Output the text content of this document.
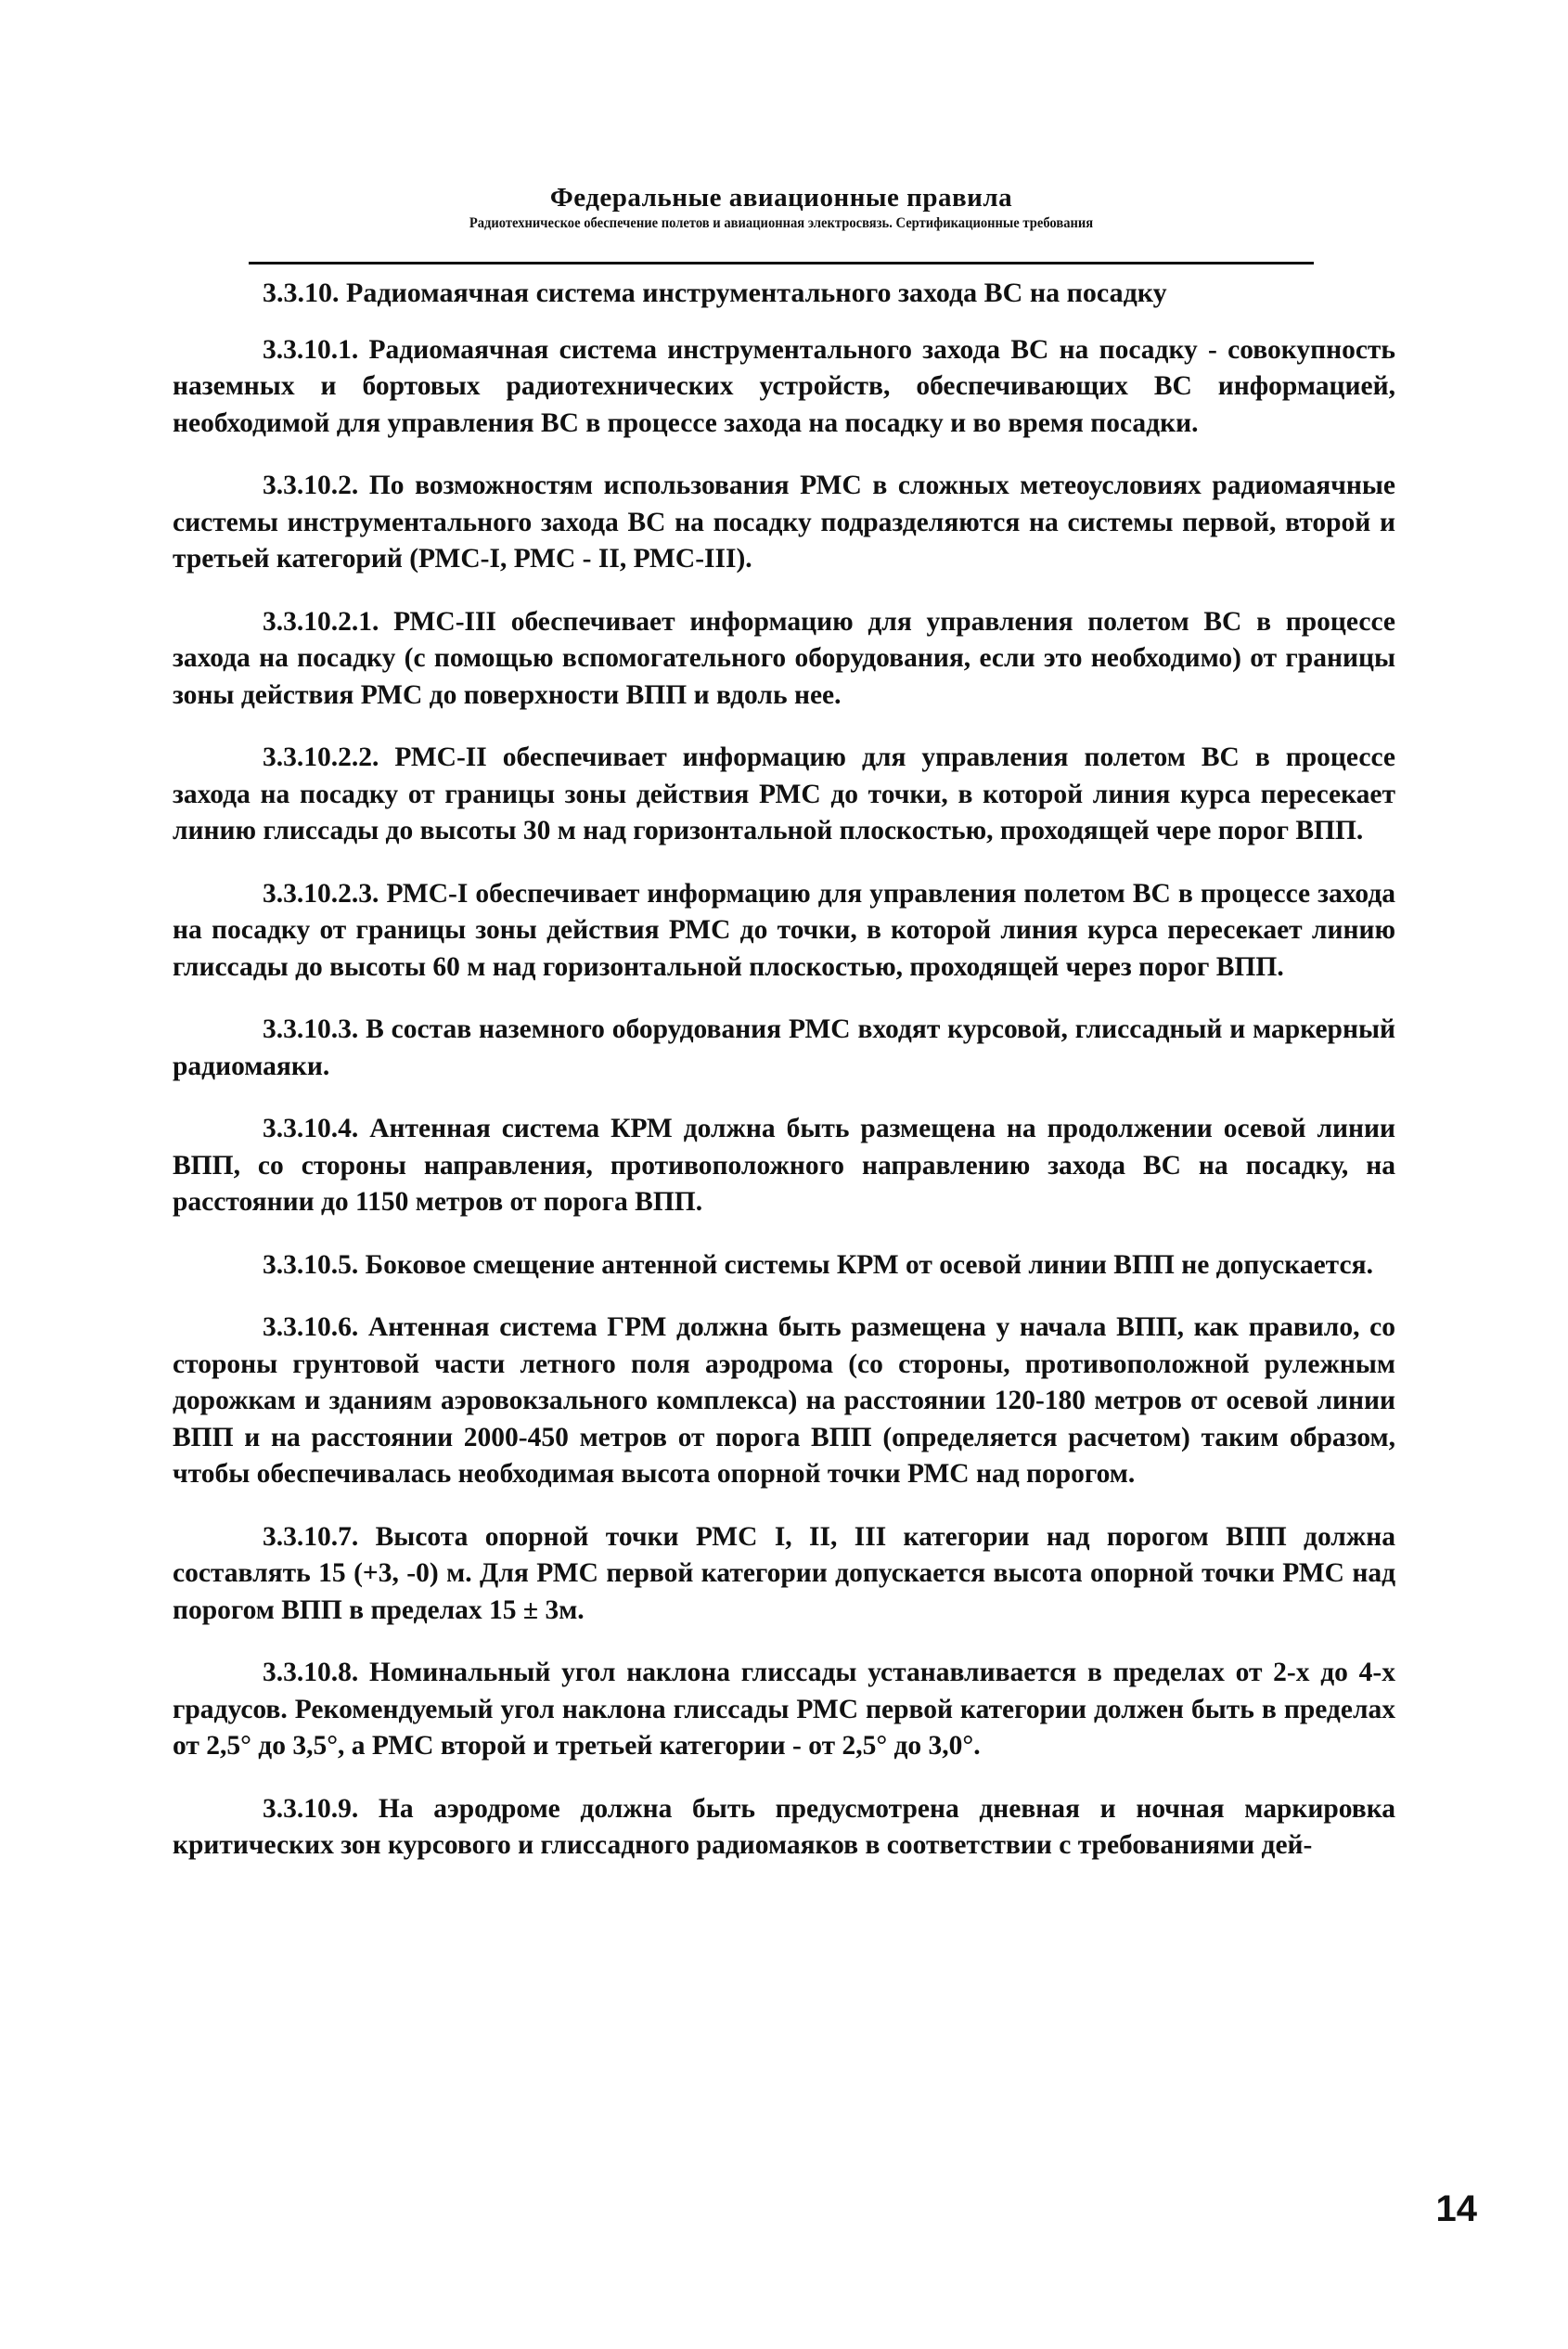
Федеральные авиационные правила
Радиотехническое обеспечение полетов и авиационная электросвязь. Сертификационные требования
3.3.10. Радиомаячная система инструментального захода ВС на посадку

3.3.10.1. Радиомаячная система инструментального захода ВС на посадку - совокупность наземных и бортовых радиотехнических устройств, обеспечивающих ВС информацией, необходимой для управления ВС в процессе захода на посадку и во время посадки.

3.3.10.2. По возможностям использования РМС в сложных метеоусловиях радиомаячные системы инструментального захода ВС на посадку подразделяются на системы первой, второй и третьей категорий (РМС-I, РМС - II, РМС-III).

3.3.10.2.1. РМС-III обеспечивает информацию для управления полетом ВС в процессе захода на посадку (с помощью вспомогательного оборудования, если это необходимо) от границы зоны действия РМС до поверхности ВПП и вдоль нее.

3.3.10.2.2. РМС-II обеспечивает информацию для управления полетом ВС в процессе захода на посадку от границы зоны действия РМС до точки, в которой линия курса пересекает линию глиссады до высоты 30 м над горизонтальной плоскостью, проходящей чере порог ВПП.

3.3.10.2.3. РМС-I обеспечивает информацию для управления полетом ВС в процессе захода на посадку от границы зоны действия РМС до точки, в которой линия курса пересекает линию глиссады до высоты 60 м над горизонтальной плоскостью, проходящей через порог ВПП.

3.3.10.3. В состав наземного оборудования РМС входят курсовой, глиссадный и маркерный радиомаяки.

3.3.10.4. Антенная система КРМ должна быть размещена на продолжении осевой линии ВПП, со стороны направления, противоположного направлению захода ВС на посадку, на расстоянии до 1150 метров от порога ВПП.

3.3.10.5. Боковое смещение антенной системы КРМ от осевой линии ВПП не допускается.

3.3.10.6. Антенная система ГРМ должна быть размещена у начала ВПП, как правило, со стороны грунтовой части летного поля аэродрома (со стороны, противоположной рулежным дорожкам и зданиям аэровокзального комплекса) на расстоянии 120-180 метров от осевой линии ВПП и на расстоянии 2000-450 метров от порога ВПП (определяется расчетом) таким образом, чтобы обеспечивалась необходимая высота опорной точки РМС над порогом.

3.3.10.7. Высота опорной точки РМС I, II, III категории над порогом ВПП должна составлять 15 (+3, -0) м. Для РМС первой категории допускается высота опорной точки РМС над порогом ВПП в пределах 15 ± 3м.

3.3.10.8. Номинальный угол наклона глиссады устанавливается в пределах от 2-х до 4-х градусов. Рекомендуемый угол наклона глиссады РМС первой категории должен быть в пределах от 2,5° до 3,5°, а РМС второй и третьей категории - от 2,5° до 3,0°.

3.3.10.9. На аэродроме должна быть предусмотрена дневная и ночная маркировка критических зон курсового и глиссадного радиомаяков в соответствии с требованиями дей-

14
